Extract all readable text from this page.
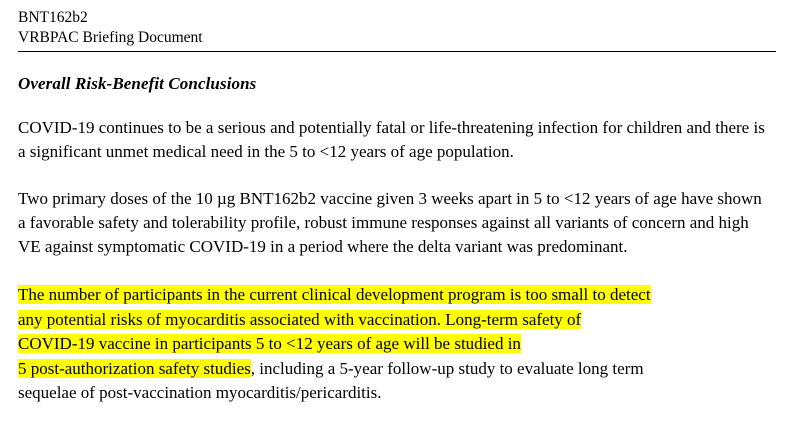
BNT162b2
VRBPAC Briefing Document
Overall Risk-Benefit Conclusions

COVID-19 continues to be a serious and potentially fatal or life-threatening infection for children and there is a significant unmet medical need in the 5 to <12 years of age population.

Two primary doses of the 10 µg BNT162b2 vaccine given 3 weeks apart in 5 to <12 years of age have shown a favorable safety and tolerability profile, robust immune responses against all variants of concern and high VE against symptomatic COVID-19 in a period where the delta variant was predominant.

The number of participants in the current clinical development program is too small to detect
any potential risks of myocarditis associated with vaccination. Long-term safety of
COVID-19 vaccine in participants 5 to <12 years of age will be studied in
5 post-authorization safety studies, including a 5-year follow-up study to evaluate long term
sequelae of post-vaccination myocarditis/pericarditis.
